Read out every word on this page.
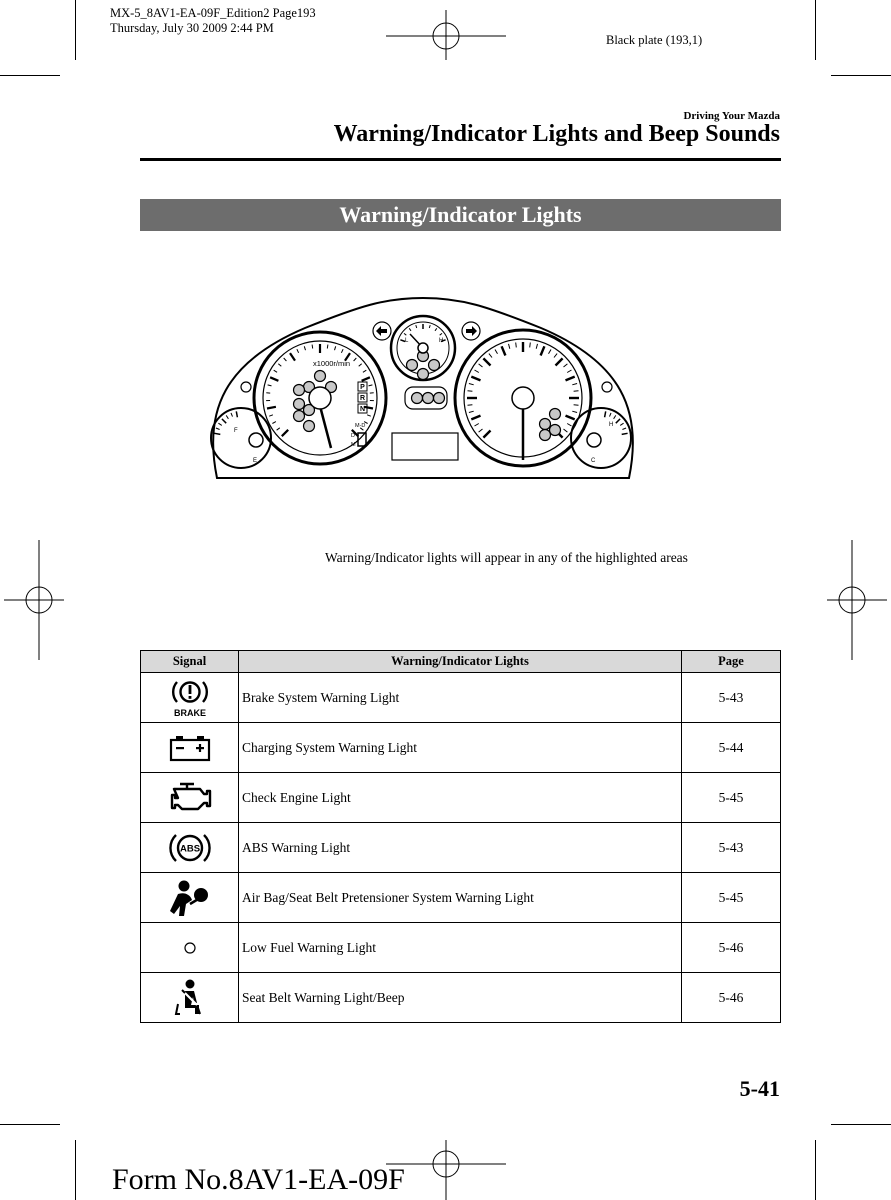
MX-5_8AV1-EA-09F_Edition2 Page193
Thursday, July 30 2009 2:44 PM
Black plate (193,1)
Driving Your Mazda
Warning/Indicator Lights and Beep Sounds
Warning/Indicator Lights
x1000r/min
P
R
N
M-D
D
M
L	H
F
E
H
C
Warning/Indicator lights will appear in any of the highlighted areas
Signal	Warning/Indicator Lights	Page

BRAKE	Brake System Warning Light	5-43

	Charging System Warning Light	5-44

	Check Engine Light	5-45

ABS	ABS Warning Light	5-43

	Air Bag/Seat Belt Pretensioner System Warning Light	5-45

	Low Fuel Warning Light	5-46

	Seat Belt Warning Light/Beep	5-46
5-41
Form No.8AV1-EA-09F
